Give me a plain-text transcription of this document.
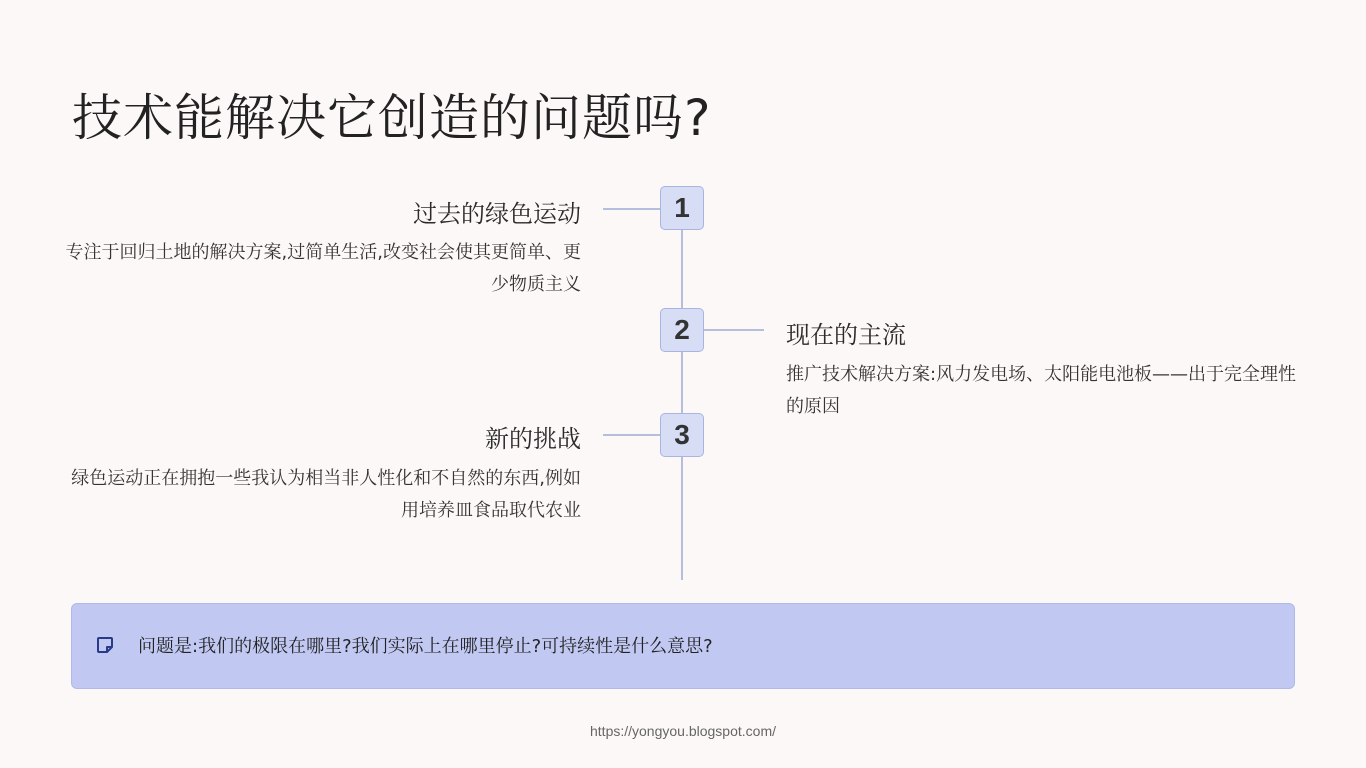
技术能解决它创造的问题吗?
1
过去的绿色运动
专注于回归土地的解决方案,过简单生活,改变社会使其更简单、更少物质主义
2	现在的主流
推广技术解决方案:风力发电场、太阳能电池板——出于完全理性的原因
3
新的挑战
绿色运动正在拥抱一些我认为相当非人性化和不自然的东西,例如用培养皿食品取代农业
问题是:我们的极限在哪里?我们实际上在哪里停止?可持续性是什么意思?
https://yongyou.blogspot.com/
